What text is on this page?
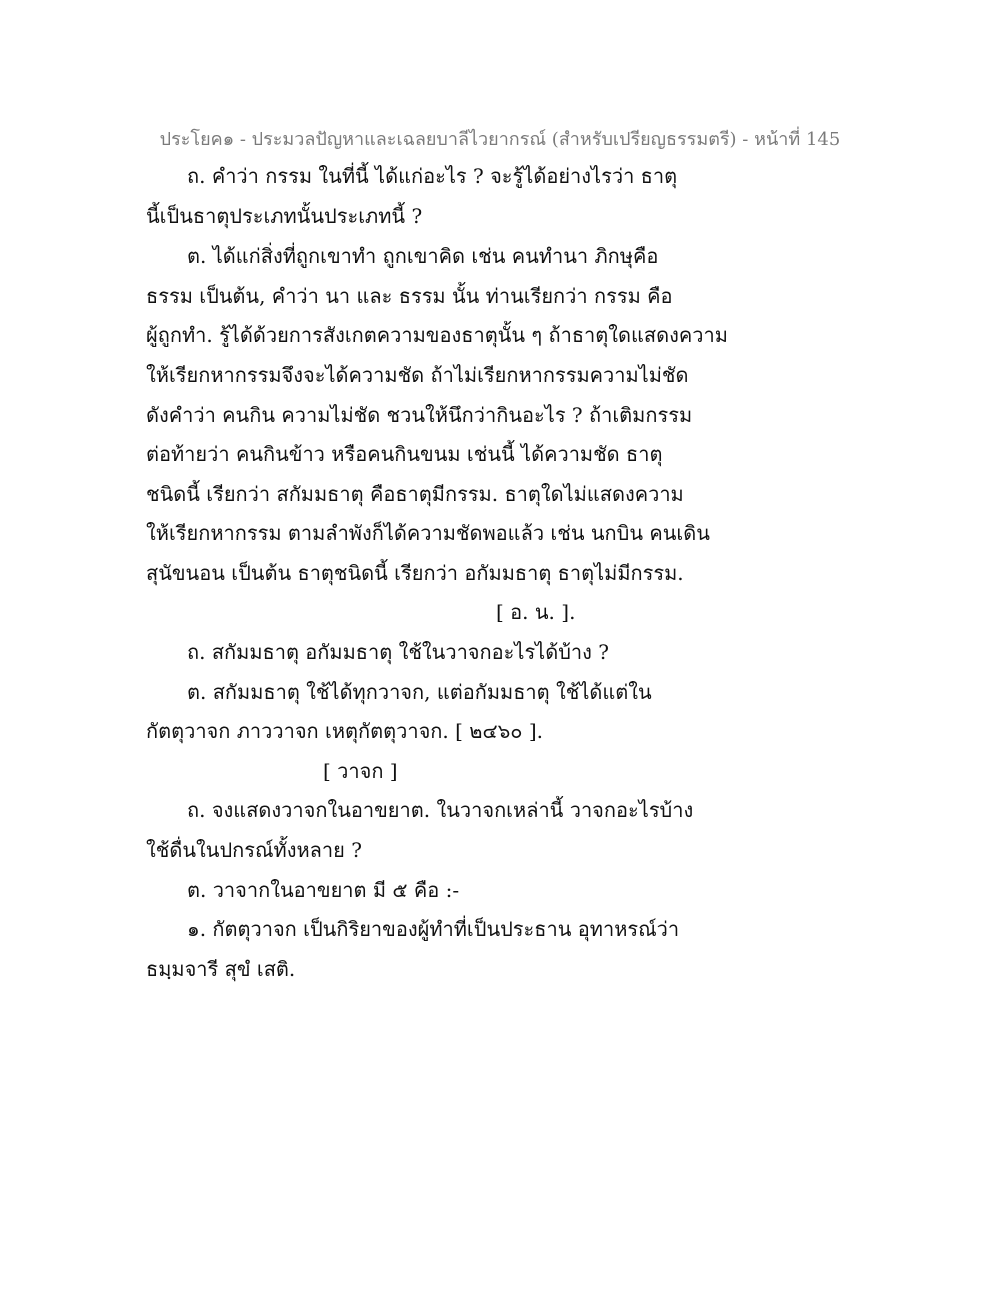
ประโยค๑ - ประมวลปัญหาและเฉลยบาลีไวยากรณ์ (สำหรับเปรียญธรรมตรี) - หน้าที่ 145
ถ. คำว่า กรรม ในที่นี้ ได้แก่อะไร ? จะรู้ได้อย่างไรว่า ธาตุ
นี้เป็นธาตุประเภทนั้นประเภทนี้ ?
ต. ได้แก่สิ่งที่ถูกเขาทำ ถูกเขาคิด เช่น คนทำนา ภิกษุคือ
ธรรม เป็นต้น, คำว่า นา และ ธรรม นั้น ท่านเรียกว่า กรรม คือ
ผู้ถูกทำ. รู้ได้ด้วยการสังเกตความของธาตุนั้น ๆ ถ้าธาตุใดแสดงความ
ให้เรียกหากรรมจึงจะได้ความชัด ถ้าไม่เรียกหากรรมความไม่ชัด
ดังคำว่า คนกิน ความไม่ชัด ชวนให้นึกว่ากินอะไร ? ถ้าเติมกรรม
ต่อท้ายว่า คนกินข้าว หรือคนกินขนม เช่นนี้ ได้ความชัด ธาตุ
ชนิดนี้ เรียกว่า สกัมมธาตุ คือธาตุมีกรรม. ธาตุใดไม่แสดงความ
ให้เรียกหากรรม ตามลำพังก็ได้ความชัดพอแล้ว เช่น นกบิน คนเดิน
สุนัขนอน เป็นต้น ธาตุชนิดนี้ เรียกว่า อกัมมธาตุ ธาตุไม่มีกรรม.
[ อ. น. ].
ถ. สกัมมธาตุ อกัมมธาตุ ใช้ในวาจกอะไรได้บ้าง ?
ต. สกัมมธาตุ ใช้ได้ทุกวาจก, แต่อกัมมธาตุ ใช้ได้แต่ใน
กัตตุวาจก ภาววาจก เหตุกัตตุวาจก. [ ๒๔๖๐ ].
[ วาจก ]
ถ. จงแสดงวาจกในอาขยาต. ในวาจกเหล่านี้ วาจกอะไรบ้าง
ใช้ดื่นในปกรณ์ทั้งหลาย ?
ต. วาจากในอาขยาต มี ๕ คือ :-
๑. กัตตุวาจก เป็นกิริยาของผู้ทำที่เป็นประธาน อุทาหรณ์ว่า
ธมฺมจารี สุขํ เสติ.
